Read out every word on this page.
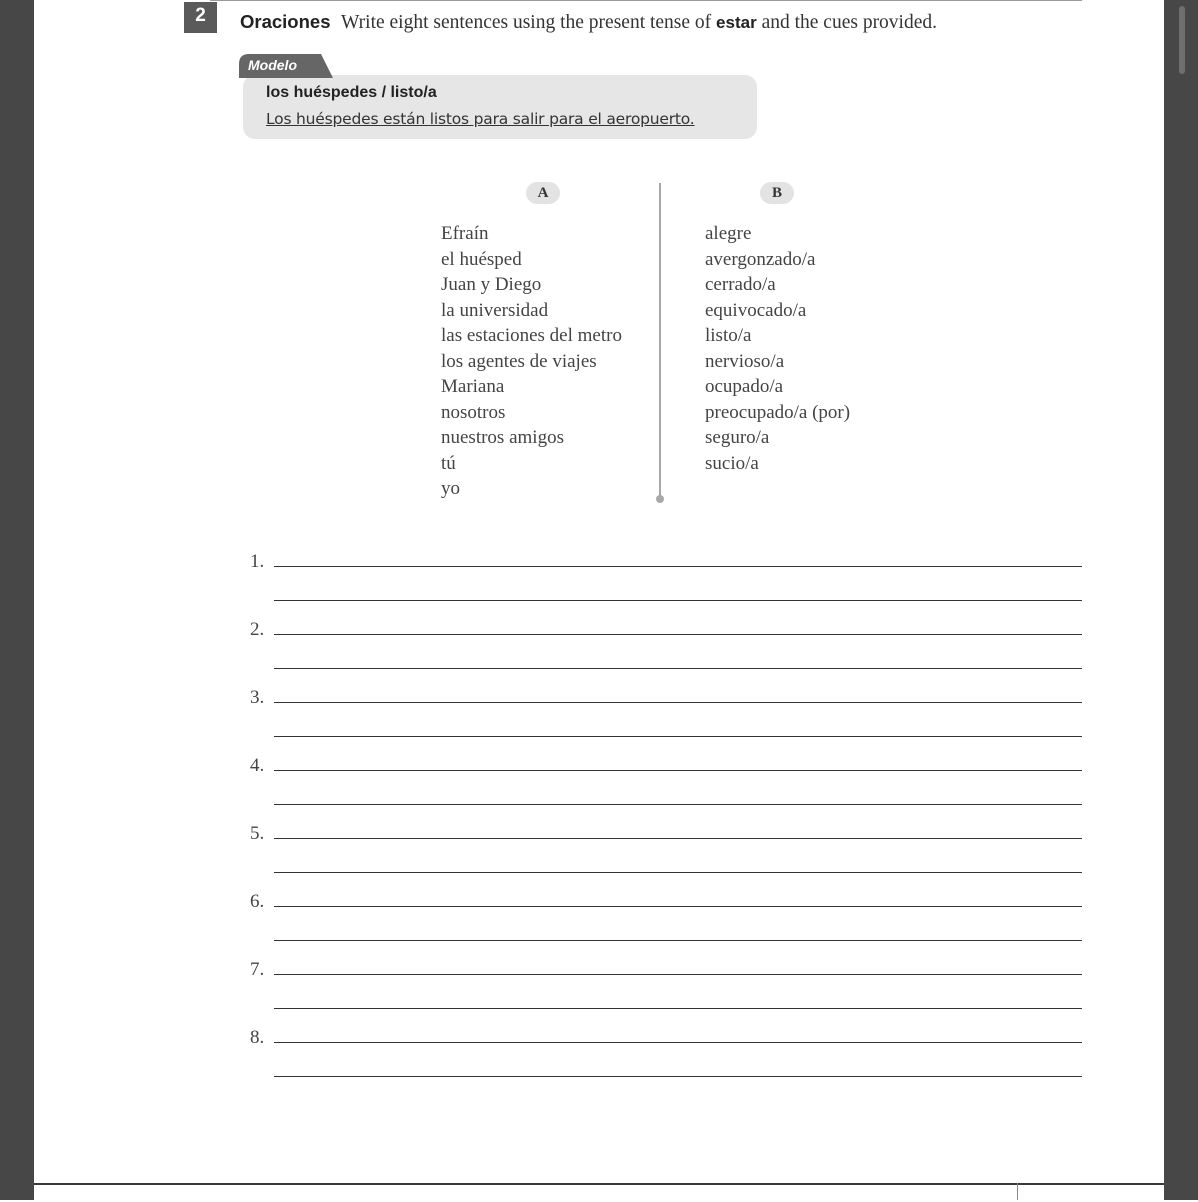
2	Oraciones Write eight sentences using the present tense of estar and the cues provided.
Modelo
los huéspedes / listo/a
Los huéspedes están listos para salir para el aeropuerto.
A	B
Efraín
el huésped
Juan y Diego
la universidad
las estaciones del metro
los agentes de viajes
Mariana
nosotros
nuestros amigos
tú
yo
alegre
avergonzado/a
cerrado/a
equivocado/a
listo/a
nervioso/a
ocupado/a
preocupado/a (por)
seguro/a
sucio/a
1.
2.
3.
4.
5.
6.
7.
8.
